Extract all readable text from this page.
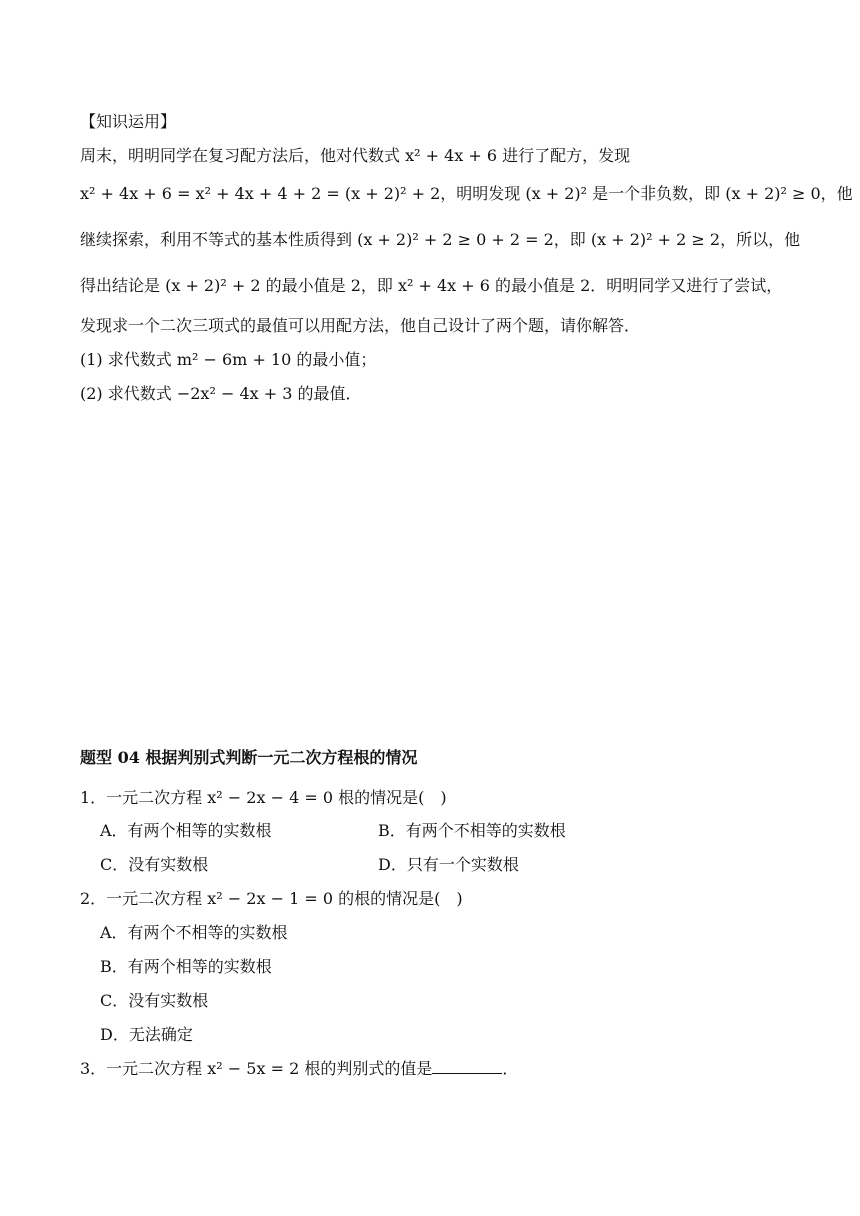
【知识运用】
周末，明明同学在复习配方法后，他对代数式 x² + 4x + 6 进行了配方，发现
x² + 4x + 6 = x² + 4x + 4 + 2 = (x + 2)² + 2，明明发现 (x + 2)² 是一个非负数，即 (x + 2)² ≥ 0，他
继续探索，利用不等式的基本性质得到 (x + 2)² + 2 ≥ 0 + 2 = 2，即 (x + 2)² + 2 ≥ 2，所以，他
得出结论是 (x + 2)² + 2 的最小值是 2，即 x² + 4x + 6 的最小值是 2．明明同学又进行了尝试，
发现求一个二次三项式的最值可以用配方法，他自己设计了两个题，请你解答．
(1) 求代数式 m² − 6m + 10 的最小值；
(2) 求代数式 −2x² − 4x + 3 的最值．
题型 04 根据判别式判断一元二次方程根的情况
1．一元二次方程 x² − 2x − 4 = 0 根的情况是(　)
A．有两个相等的实数根	B．有两个不相等的实数根
C．没有实数根	D．只有一个实数根
2．一元二次方程 x² − 2x − 1 = 0 的根的情况是(　)
A．有两个不相等的实数根
B．有两个相等的实数根
C．没有实数根
D．无法确定
3．一元二次方程 x² − 5x = 2 根的判别式的值是	．
